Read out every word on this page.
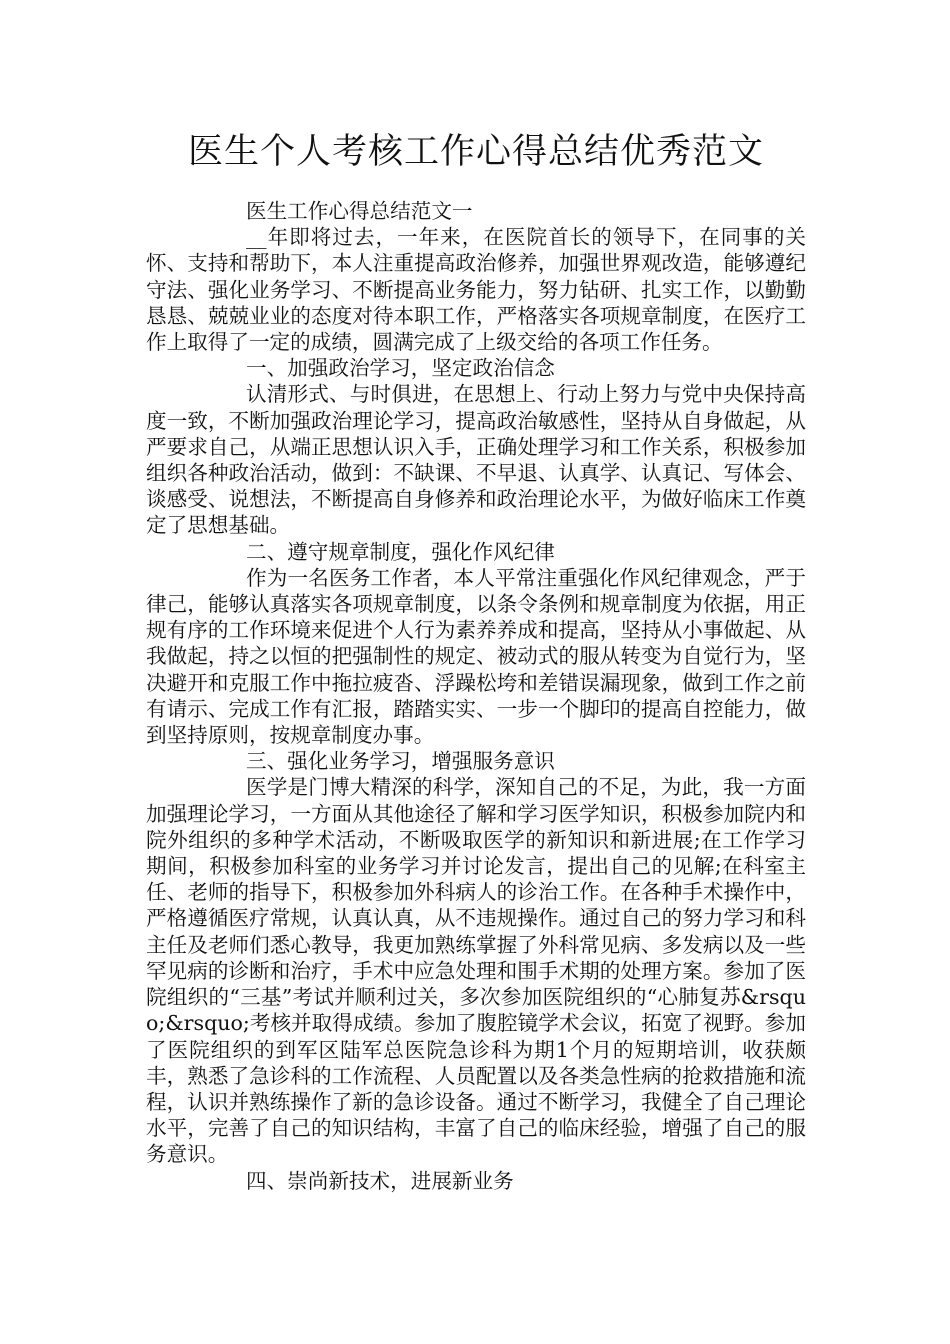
医生个人考核工作心得总结优秀范文

医生工作心得总结范文一

__年即将过去，一年来，在医院首长的领导下，在同事的关怀、支持和帮助下，本人注重提高政治修养，加强世界观改造，能够遵纪守法、强化业务学习、不断提高业务能力，努力钻研、扎实工作，以勤勤恳恳、兢兢业业的态度对待本职工作，严格落实各项规章制度，在医疗工作上取得了一定的成绩，圆满完成了上级交给的各项工作任务。

一、加强政治学习，坚定政治信念

认清形式、与时俱进，在思想上、行动上努力与党中央保持高度一致，不断加强政治理论学习，提高政治敏感性，坚持从自身做起，从严要求自己，从端正思想认识入手，正确处理学习和工作关系，积极参加组织各种政治活动，做到：不缺课、不早退、认真学、认真记、写体会、谈感受、说想法，不断提高自身修养和政治理论水平，为做好临床工作奠定了思想基础。

二、遵守规章制度，强化作风纪律

作为一名医务工作者，本人平常注重强化作风纪律观念，严于律己，能够认真落实各项规章制度，以条令条例和规章制度为依据，用正规有序的工作环境来促进个人行为素养养成和提高，坚持从小事做起、从我做起，持之以恒的把强制性的规定、被动式的服从转变为自觉行为，坚决避开和克服工作中拖拉疲沓、浮躁松垮和差错误漏现象，做到工作之前有请示、完成工作有汇报，踏踏实实、一步一个脚印的提高自控能力，做到坚持原则，按规章制度办事。

三、强化业务学习，增强服务意识

医学是门博大精深的科学，深知自己的不足，为此，我一方面加强理论学习，一方面从其他途径了解和学习医学知识，积极参加院内和院外组织的多种学术活动，不断吸取医学的新知识和新进展;在工作学习期间，积极参加科室的业务学习并讨论发言，提出自己的见解;在科室主任、老师的指导下，积极参加外科病人的诊治工作。在各种手术操作中，严格遵循医疗常规，认真认真，从不违规操作。通过自己的努力学习和科主任及老师们悉心教导，我更加熟练掌握了外科常见病、多发病以及一些罕见病的诊断和治疗，手术中应急处理和围手术期的处理方案。参加了医院组织的“三基”考试并顺利过关，多次参加医院组织的“心肺复苏&rsquo;&rsquo;考核并取得成绩。参加了腹腔镜学术会议，拓宽了视野。参加了医院组织的到军区陆军总医院急诊科为期1个月的短期培训，收获颇丰，熟悉了急诊科的工作流程、人员配置以及各类急性病的抢救措施和流程，认识并熟练操作了新的急诊设备。通过不断学习，我健全了自己理论水平，完善了自己的知识结构，丰富了自己的临床经验，增强了自己的服务意识。

四、崇尚新技术，进展新业务
